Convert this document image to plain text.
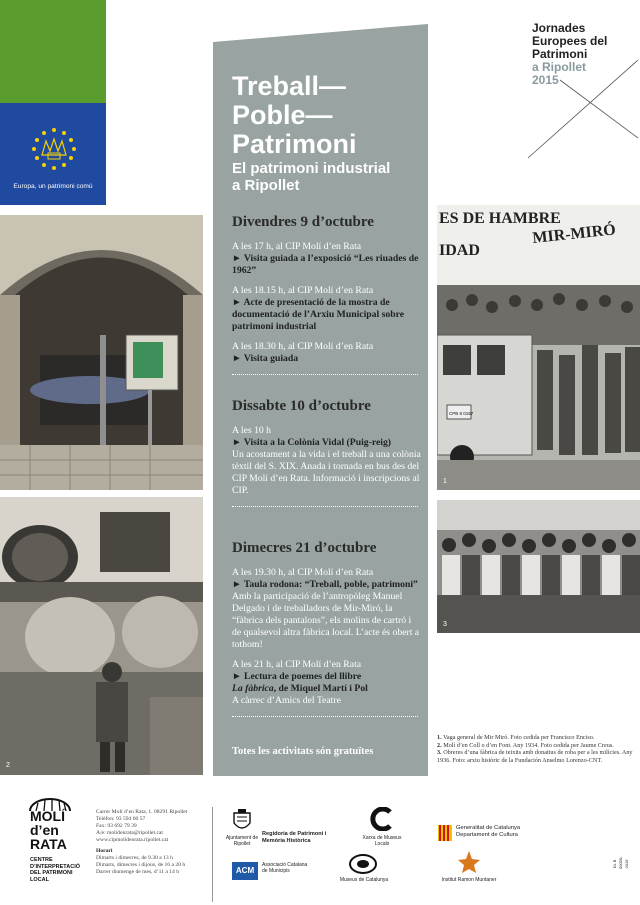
Europa, un patrimoni comú
Jornades
Europees del
Patrimoni
a Ripollet
2015
Treball—
Poble—
Patrimoni
El patrimoni industrial
a Ripollet
Divendres 9 d’octubre
A les 17 h, al CIP Molí d’en Rata
► Visita guiada a l’exposició “Les riuades de 1962”
A les 18.15 h, al CIP Molí d’en Rata
► Acte de presentació de la mostra de documentació de l’Arxiu Municipal sobre patrimoni industrial
A les 18.30 h, al CIP Molí d’en Rata
► Visita guiada
Dissabte 10 d’octubre
A les 10 h
► Visita a la Colònia Vidal (Puig-reig)
Un acostament a la vida i el treball a una colònia tèxtil del S. XIX. Anada i tornada en bus des del CIP Molí d’en Rata. Informació i inscripcions al CIP.
Dimecres 21 d’octubre
A les 19.30 h, al CIP Molí d’en Rata
► Taula rodona: “Treball, poble, patrimoni”
Amb la participació de l’antropòleg Manuel Delgado i de treballadors de Mir-Miró, la “fàbrica dels pantalons”, els molins de cartró i de qualsevol altra fàbrica local. L’acte és obert a tothom!
A les 21 h, al CIP Molí d’en Rata
► Lectura de poemes del llibre
La fàbrica, de Miquel Martí i Pol
A càrrec d’Amics del Teatre
Totes les activitats són gratuïtes
2
ES DE HAMBRE
IDAD
MIR-MIRÓ
CPB 8 0157
1
3
1. Vaga general de Mir Miró. Foto cedida per Francisco Enciso.
2. Molí d’en Coll o d’en Font. Any 1934. Foto cedida per Jaume Creus.
3. Obreres d’una fàbrica de teixits amb donatius de roba per a les milícies. Any 1936. Foto: arxiu històric de la Fundación Anselmo Lorenzo-CNT.
MOLÍ
d’en
RATA
CENTRE D’INTERPRETACIÓ DEL PATRIMONI LOCAL
Carrer Molí d’en Rata, 1. 08291 Ripollet
Telèfon: 93 594 60 57
Fax: 93 692 79 39
A/e: molidenrata@ripollet.cat
www.cipmolidenrata.ripollet.cat
Horari
Dimarts i dimecres, de 9.30 a 13 h
Dimarts, dimecres i dijous, de 16 a 20 h
Darrer diumenge de mes, d’11 a 14 h
Ajuntament de Ripollet
Regidoria de Patrimoni i Memòria Històrica	Xarxa de Museus Locals
ACM
Associació Catalana de Municipis
Museus de Catalunya
Generalitat de Catalunya Departament de Cultura
Institut Ramon Muntaner
DL B 00000-2015
